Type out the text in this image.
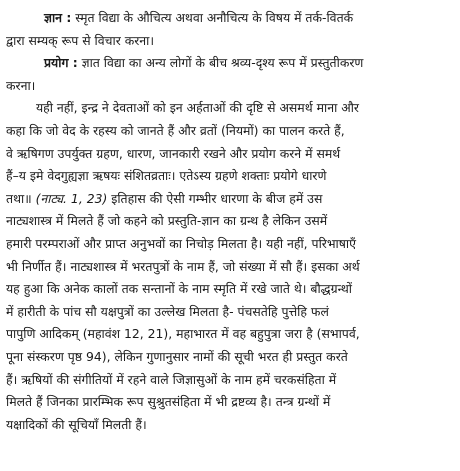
ज्ञान : स्मृत विद्या के औचित्य अथवा अनौचित्य के विषय में तर्क-वितर्क
द्वारा सम्यक् रूप से विचार करना।
प्रयोग : ज्ञात विद्या का अन्य लोगों के बीच श्रव्य-दृश्य रूप में प्रस्तुतीकरण
करना।
यही नहीं, इन्द्र ने देवताओं को इन अर्हताओं की दृष्टि से असमर्थ माना और
कहा कि जो वेद के रहस्य को जानते हैं और व्रतों (नियमों) का पालन करते हैं,
वे ऋषिगण उपर्युक्त ग्रहण, धारण, जानकारी रखने और प्रयोग करने में समर्थ
हैं–य इमे वेदगुह्यज्ञा ऋषयः संशितव्रताः। एतेऽस्य ग्रहणे शक्ताः प्रयोगे धारणे
तथा॥ (नाट्य. 1, 23) इतिहास की ऐसी गम्भीर धारणा के बीज हमें उस
नाट्यशास्त्र में मिलते हैं जो कहने को प्रस्तुति-ज्ञान का ग्रन्थ है लेकिन उसमें
हमारी परम्पराओं और प्राप्त अनुभवों का निचोड़ मिलता है। यही नहीं, परिभाषाएँ
भी निर्णीत हैं। नाट्यशास्त्र में भरतपुत्रों के नाम हैं, जो संख्या में सौ हैं। इसका अर्थ
यह हुआ कि अनेक कालों तक सन्तानों के नाम स्मृति में रखे जाते थे। बौद्धग्रन्थों
में हारीती के पांच सौ यक्षपुत्रों का उल्लेख मिलता है- पंचसतेहि पुत्तेहि फलं
पापुणि आदिकम् (महावंश 12, 21), महाभारत में वह बहुपुत्रा जरा है (सभापर्व,
पूना संस्करण पृष्ठ 94), लेकिन गुणानुसार नामों की सूची भरत ही प्रस्तुत करते
हैं। ऋषियों की संगीतियों में रहने वाले जिज्ञासुओं के नाम हमें चरकसंहिता में
मिलते हैं जिनका प्रारम्भिक रूप सुश्रुतसंहिता में भी द्रष्टव्य है। तन्त्र ग्रन्थों में
यक्षादिकों की सूचियाँ मिलती हैं।
